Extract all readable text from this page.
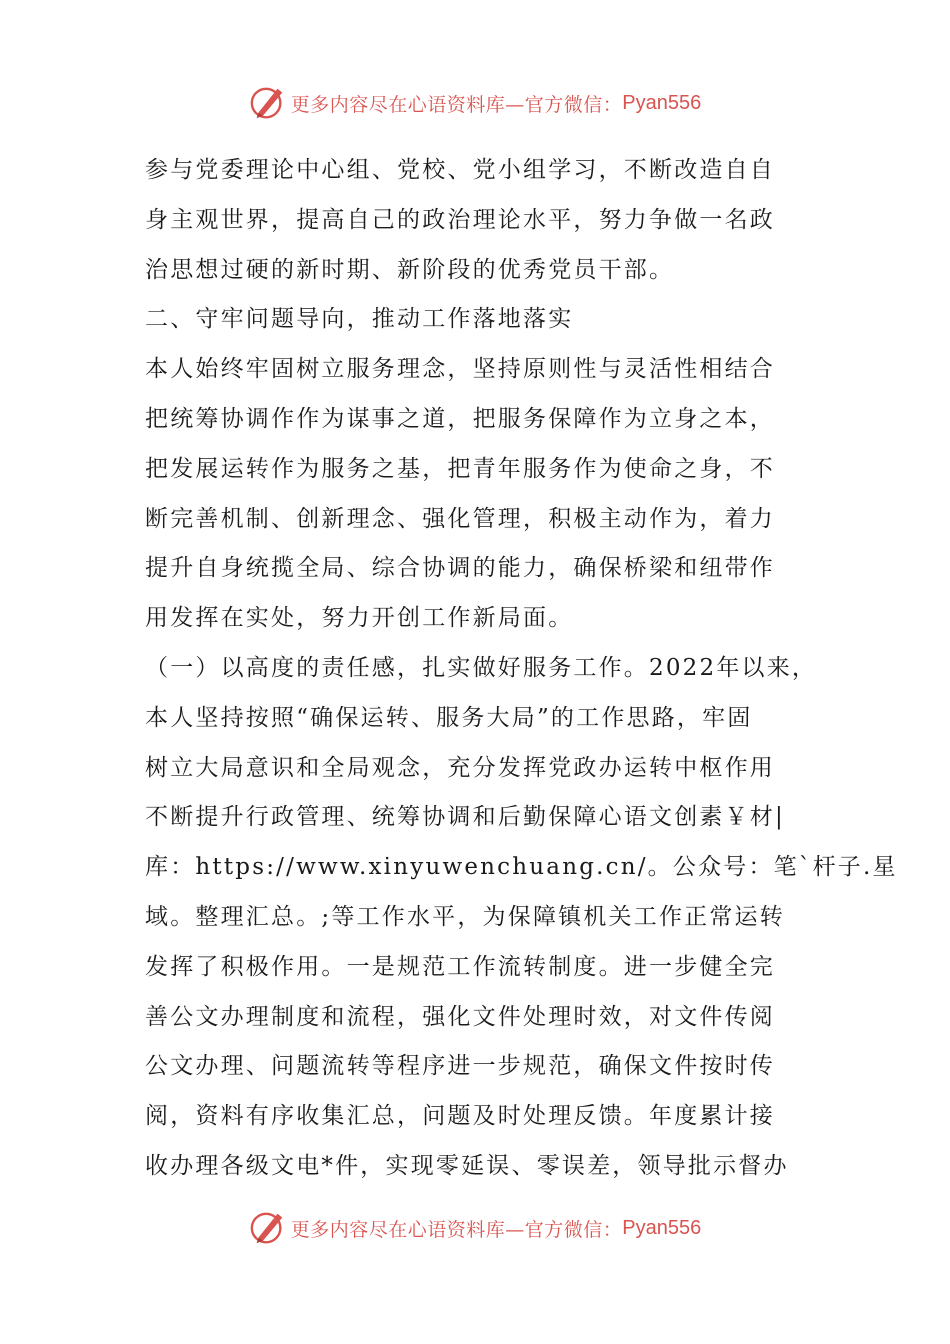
更多内容尽在心语资料库—官方微信： Pyan556
参与党委理论中心组、党校、党小组学习，不断改造自自
身主观世界，提高自己的政治理论水平，努力争做一名政
治思想过硬的新时期、新阶段的优秀党员干部。
二、守牢问题导向，推动工作落地落实
本人始终牢固树立服务理念，坚持原则性与灵活性相结合
把统筹协调作作为谋事之道，把服务保障作为立身之本，
把发展运转作为服务之基，把青年服务作为使命之身，不
断完善机制、创新理念、强化管理，积极主动作为，着力
提升自身统揽全局、综合协调的能力，确保桥梁和纽带作
用发挥在实处，努力开创工作新局面。
（一）以高度的责任感，扎实做好服务工作。2022年以来，
本人坚持按照“确保运转、服务大局”的工作思路，牢固
树立大局意识和全局观念，充分发挥党政办运转中枢作用
不断提升行政管理、统筹协调和后勤保障心语文创素￥材|
库：https://www.xinyuwenchuang.cn/。公众号：笔`杆子.星
域。整理汇总。;等工作水平，为保障镇机关工作正常运转
发挥了积极作用。一是规范工作流转制度。进一步健全完
善公文办理制度和流程，强化文件处理时效，对文件传阅
公文办理、问题流转等程序进一步规范，确保文件按时传
阅，资料有序收集汇总，问题及时处理反馈。年度累计接
收办理各级文电*件，实现零延误、零误差，领导批示督办
更多内容尽在心语资料库—官方微信： Pyan556
